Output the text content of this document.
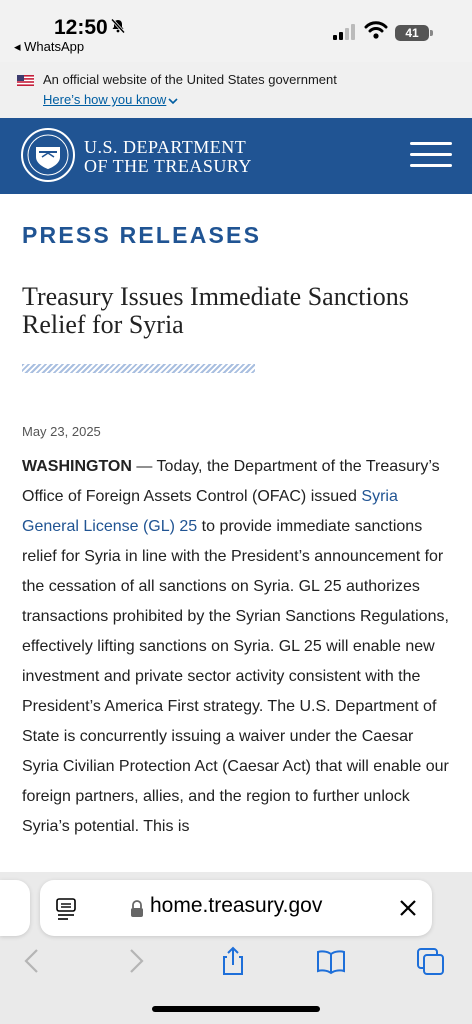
12:50
◂ WhatsApp
41
An official website of the United States government
Here’s how you know
U.S. DEPARTMENT
OF THE TREASURY
PRESS RELEASES
Treasury Issues Immediate Sanctions Relief for Syria
May 23, 2025
WASHINGTON — Today, the Department of the Treasury’s Office of Foreign Assets Control (OFAC) issued Syria General License (GL) 25 to provide immediate sanctions relief for Syria in line with the President’s announcement for the cessation of all sanctions on Syria. GL 25 authorizes transactions prohibited by the Syrian Sanctions Regulations, effectively lifting sanctions on Syria. GL 25 will enable new investment and private sector activity consistent with the President’s America First strategy. The U.S. Department of State is concurrently issuing a waiver under the Caesar Syria Civilian Protection Act (Caesar Act) that will enable our foreign partners, allies, and the region to further unlock Syria’s potential. This is
home.treasury.gov
